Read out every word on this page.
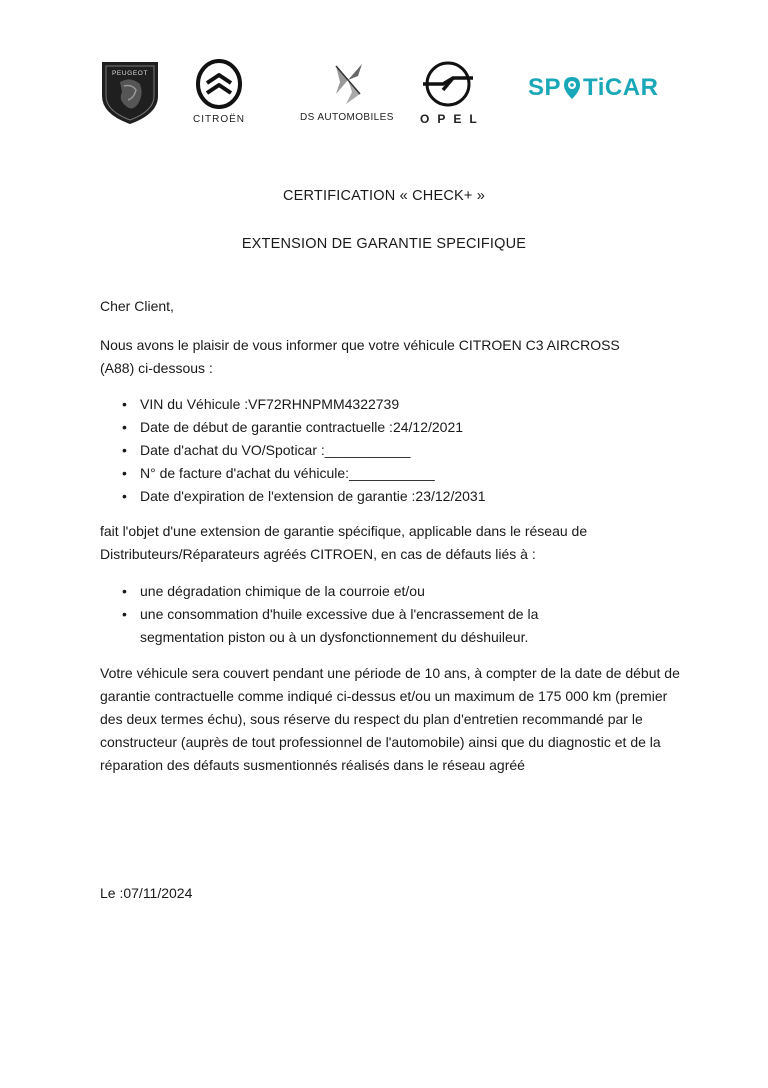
PEUGEOT
CITROËN	DS AUTOMOBILES OPEL
SP TiCAR
CERTIFICATION « CHECK+ »
EXTENSION DE GARANTIE SPECIFIQUE
Cher Client,
Nous avons le plaisir de vous informer que votre véhicule CITROEN C3 AIRCROSS (A88) ci-dessous :
• VIN du Véhicule :VF72RHNPMM4322739
• Date de début de garantie contractuelle :24/12/2021
• Date d'achat du VO/Spoticar :___________
• N° de facture d'achat du véhicule:___________
• Date d'expiration de l'extension de garantie :23/12/2031
fait l'objet d'une extension de garantie spécifique, applicable dans le réseau de Distributeurs/Réparateurs agréés CITROEN, en cas de défauts liés à :
• une dégradation chimique de la courroie et/ou
• une consommation d'huile excessive due à l'encrassement de la segmentation piston ou à un dysfonctionnement du déshuileur.
Votre véhicule sera couvert pendant une période de 10 ans, à compter de la date de début de garantie contractuelle comme indiqué ci-dessus et/ou un maximum de 175 000 km (premier des deux termes échu), sous réserve du respect du plan d'entretien recommandé par le constructeur (auprès de tout professionnel de l'automobile) ainsi que du diagnostic et de la réparation des défauts susmentionnés réalisés dans le réseau agréé
Le :07/11/2024
